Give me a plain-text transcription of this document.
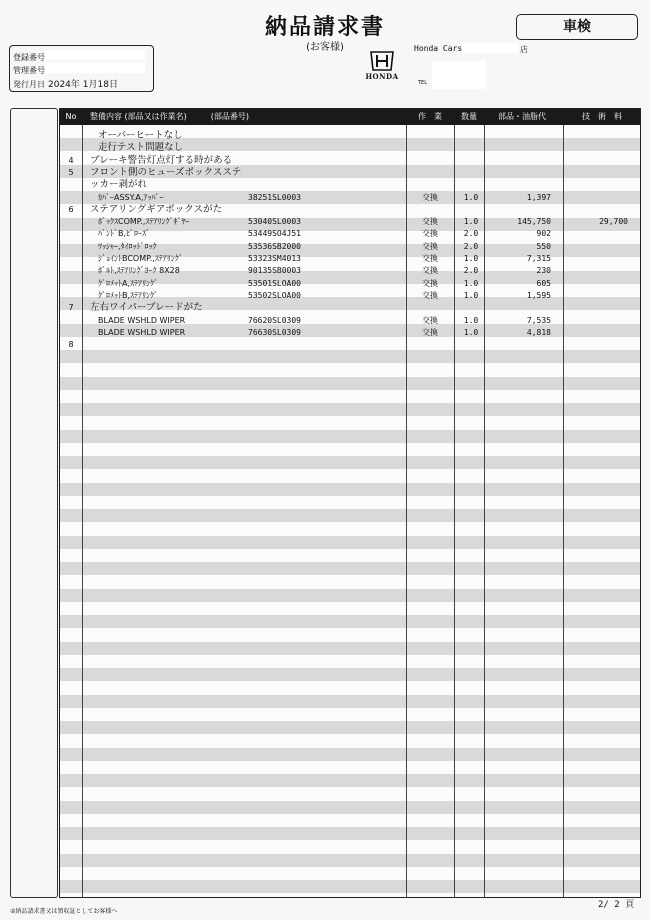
納品請求書
(お客様)
車検
登録番号
管理番号
発行月日 2024年 1月18日
HONDA
Honda Cars	店
TEL
No	整備内容 (部品又は作業名)　　　(部品番号)	作　業	数量	部品・油脂代	技　術　料
オーバーヒートなし
走行テスト問題なし
4	ブレーキ警告灯点灯する時がある
5	フロント側のヒューズボックスステ
ッカー剥がれ
ｶﾊﾞｰASSY.A,ｱｯﾊﾟｰ	38251SL0003	交換	1.0	1,397
6	ステアリングギアボックスがた
ﾎﾞｯｸｽCOMP.,ｽﾃｱﾘﾝｸﾞｷﾞﾔｰ	53040SL0003	交換	1.0	145,750	29,700
ﾊﾞﾝﾄﾞB,ﾋﾞﾛｰｽﾞ	53449SO4J51	交換	2.0	902
ﾜｯｼｬｰ,ﾀｲﾛｯﾄﾞﾛｯｸ	53536SB2000	交換	2.0	550
ｼﾞｮｲﾝﾄBCOMP.,ｽﾃｱﾘﾝｸﾞ	53323SM4013	交換	1.0	7,315
ﾎﾞﾙﾄ,ｽﾃｱﾘﾝｸﾞﾖｰｸ 8X28	90135SB0003	交換	2.0	230
ｸﾞﾛﾒｯﾄA,ｽﾃｱﾘﾝｸﾞ	53501SLOA00	交換	1.0	605
ｸﾞﾛﾒｯﾄB,ｽﾃｱﾘﾝｸﾞ	53502SLOA00	交換	1.0	1,595
7	左右ワイパーブレードがた
BLADE WSHLD WIPER	76620SL0309	交換	1.0	7,535
BLADE WSHLD WIPER	76630SL0309	交換	1.0	4,818
8
②納品請求書又は領収証としてお客様へ
2/ 2 頁
